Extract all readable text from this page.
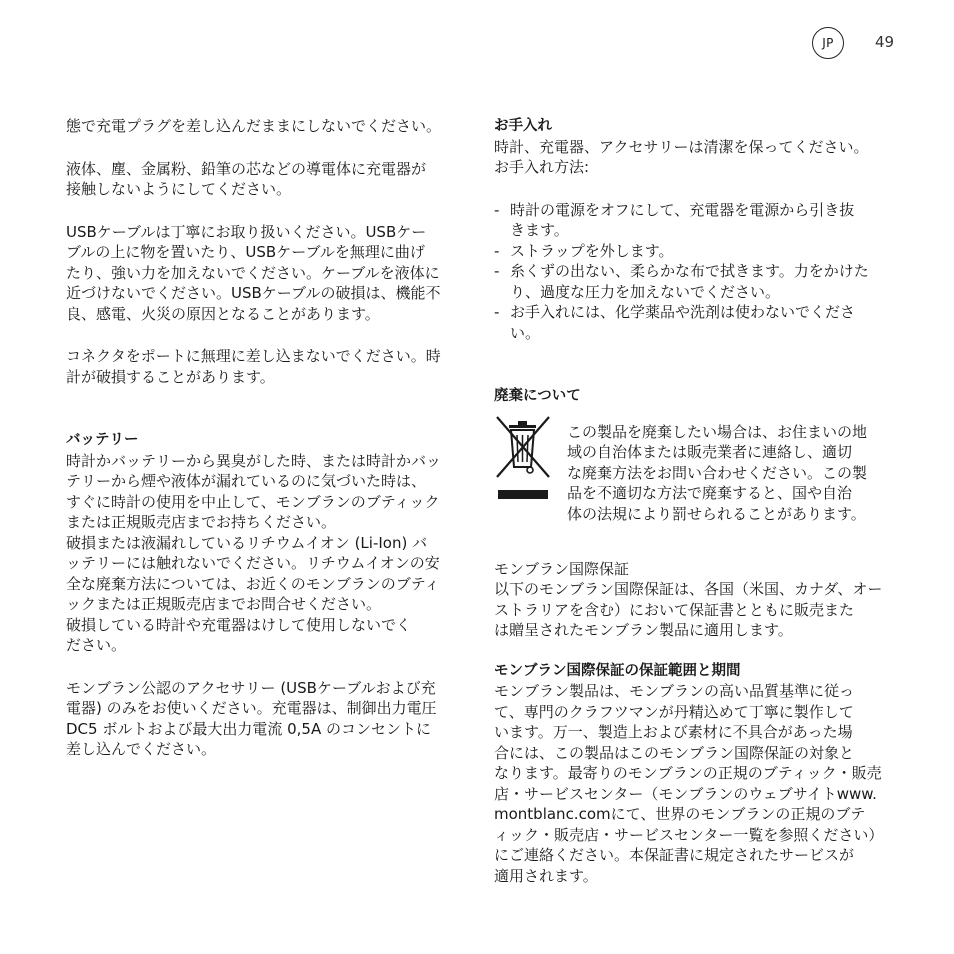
JP	49

態で充電プラグを差し込んだままにしないでください。

液体、塵、金属粉、鉛筆の芯などの導電体に充電器が
接触しないようにしてください。

USBケーブルは丁寧にお取り扱いください。USBケー
ブルの上に物を置いたり、USBケーブルを無理に曲げ
たり、強い力を加えないでください。ケーブルを液体に
近づけないでください。USBケーブルの破損は、機能不
良、感電、火災の原因となることがあります。

コネクタをポートに無理に差し込まないでください。時
計が破損することがあります。

バッテリー

時計かバッテリーから異臭がした時、または時計かバッ
テリーから煙や液体が漏れているのに気づいた時は、
すぐに時計の使用を中止して、モンブランのブティック
または正規販売店までお持ちください。
破損または液漏れしているリチウムイオン (Li-Ion) バ
ッテリーには触れないでください。リチウムイオンの安
全な廃棄方法については、お近くのモンブランのブティ
ックまたは正規販売店までお問合せください。
破損している時計や充電器はけして使用しないでく
ださい。

モンブラン公認のアクセサリー (USBケーブルおよび充
電器) のみをお使いください。充電器は、制御出力電圧
DC5 ボルトおよび最大出力電流 0,5A のコンセントに
差し込んでください。

お手入れ

時計、充電器、アクセサリーは清潔を保ってください。
お手入れ方法:

- 時計の電源をオフにして、充電器を電源から引き抜
きます。
- ストラップを外します。
- 糸くずの出ない、柔らかな布で拭きます。力をかけた
り、過度な圧力を加えないでください。
- お手入れには、化学薬品や洗剤は使わないでくださ
い。
廃棄について

この製品を廃棄したい場合は、お住まいの地
域の自治体または販売業者に連絡し、適切
な廃棄方法をお問い合わせください。この製
品を不適切な方法で廃棄すると、国や自治
体の法規により罰せられることがあります。

モンブラン国際保証

以下のモンブラン国際保証は、各国（米国、カナダ、オー
ストラリアを含む）において保証書とともに販売また
は贈呈されたモンブラン製品に適用します。

モンブラン国際保証の保証範囲と期間

モンブラン製品は、モンブランの高い品質基準に従っ
て、専門のクラフツマンが丹精込めて丁寧に製作して
います。万一、製造上および素材に不具合があった場
合には、この製品はこのモンブラン国際保証の対象と
なります。最寄りのモンブランの正規のブティック・販売
店・サービスセンター（モンブランのウェブサイトwww.
montblanc.comにて、世界のモンブランの正規のブテ
ィック・販売店・サービスセンター一覧を参照ください）
にご連絡ください。本保証書に規定されたサービスが
適用されます。
